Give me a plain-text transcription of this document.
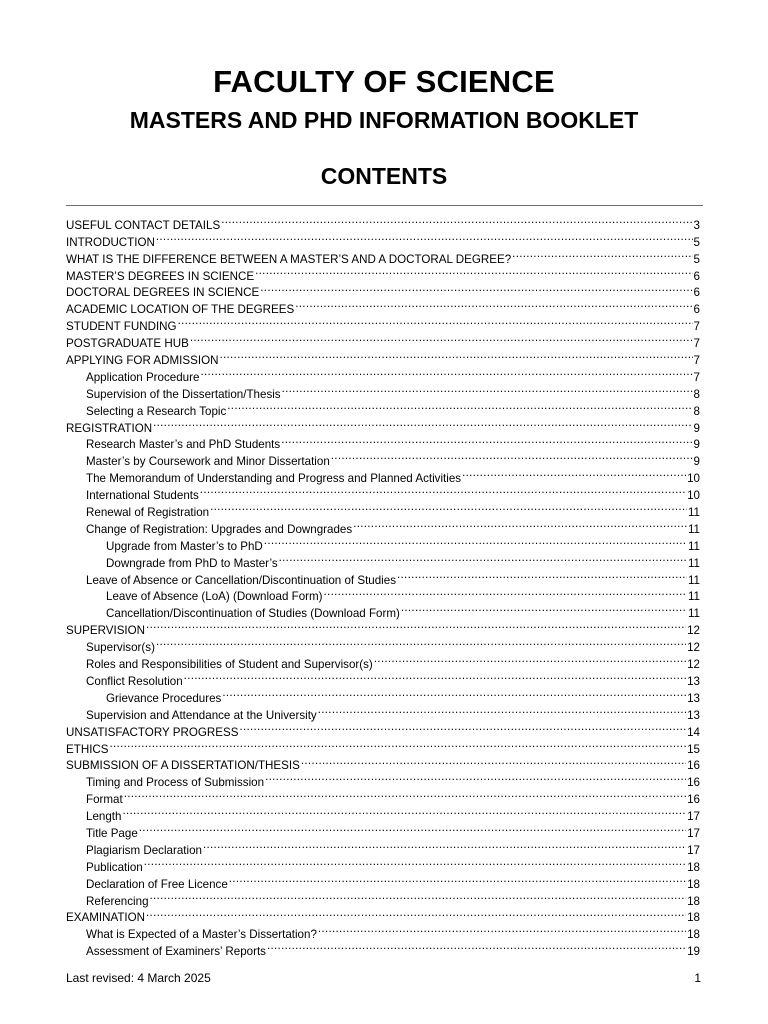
FACULTY OF SCIENCE
MASTERS AND PHD INFORMATION BOOKLET
CONTENTS
USEFUL CONTACT DETAILS .....	3
INTRODUCTION .....	5
WHAT IS THE DIFFERENCE BETWEEN A MASTER’S AND A DOCTORAL DEGREE? .....	5
MASTER’S DEGREES IN SCIENCE .....	6
DOCTORAL DEGREES IN SCIENCE .....	6
ACADEMIC LOCATION OF THE DEGREES .....	6
STUDENT FUNDING .....	7
POSTGRADUATE HUB .....	7
APPLYING FOR ADMISSION .....	7
Application Procedure .....	7
Supervision of the Dissertation/Thesis .....	8
Selecting a Research Topic .....	8
REGISTRATION .....	9
Research Master’s and PhD Students .....	9
Master’s by Coursework and Minor Dissertation .....	9
The Memorandum of Understanding and Progress and Planned Activities .....	10
International Students .....	10
Renewal of Registration .....	11
Change of Registration: Upgrades and Downgrades .....	11
Upgrade from Master’s to PhD .....	11
Downgrade from PhD to Master’s .....	11
Leave of Absence or Cancellation/Discontinuation of Studies .....	11
Leave of Absence (LoA) (Download Form) .....	11
Cancellation/Discontinuation of Studies (Download Form) .....	11
SUPERVISION .....	12
Supervisor(s) .....	12
Roles and Responsibilities of Student and Supervisor(s) .....	12
Conflict Resolution .....	13
Grievance Procedures .....	13
Supervision and Attendance at the University .....	13
UNSATISFACTORY PROGRESS .....	14
ETHICS .....	15
SUBMISSION OF A DISSERTATION/THESIS .....	16
Timing and Process of Submission .....	16
Format .....	16
Length .....	17
Title Page .....	17
Plagiarism Declaration .....	17
Publication .....	18
Declaration of Free Licence .....	18
Referencing .....	18
EXAMINATION .....	18
What is Expected of a Master’s Dissertation? .....	18
Assessment of Examiners’ Reports .....	19
Last revised: 4 March 2025	1
